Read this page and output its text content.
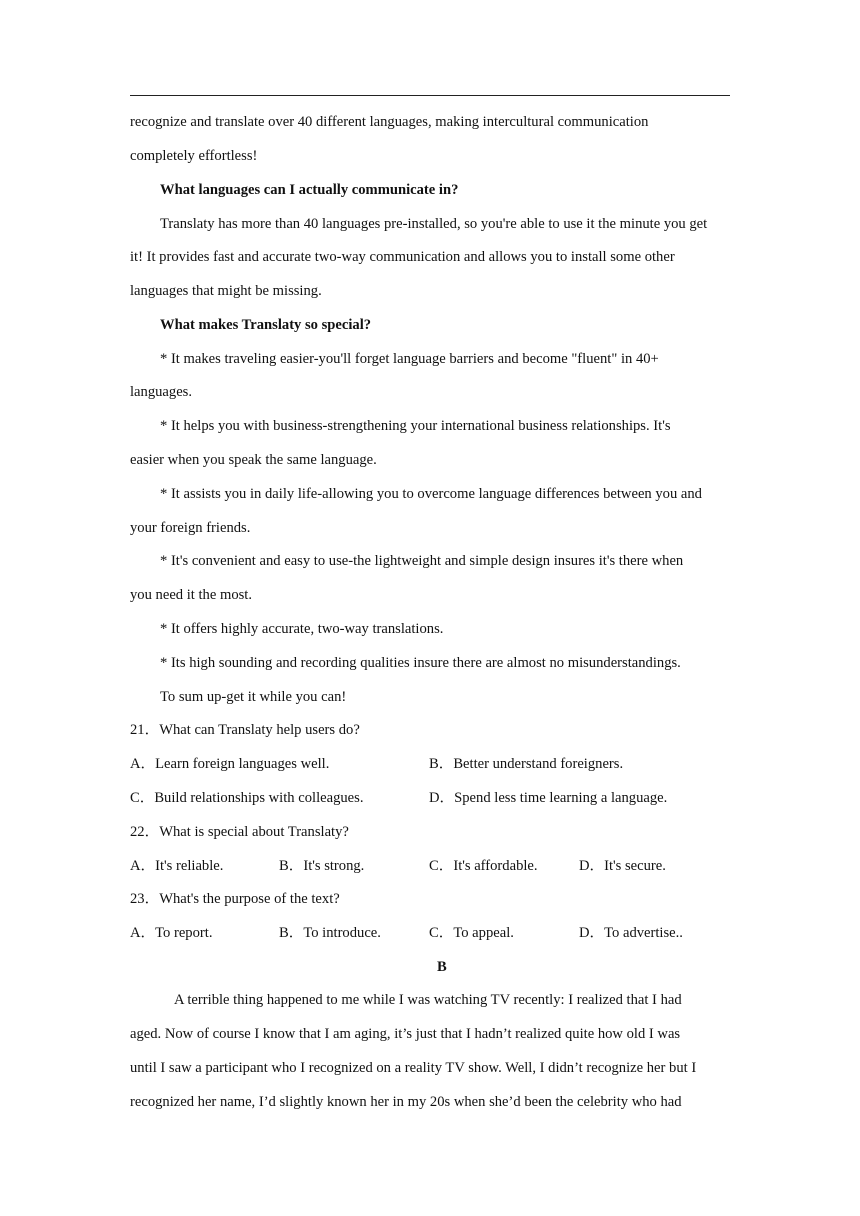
recognize and translate over 40 different languages, making intercultural communication
completely effortless!
What languages can I actually communicate in?
Translaty has more than 40 languages pre-installed, so you're able to use it the minute you get
it! It provides fast and accurate two-way communication and allows you to install some other
languages that might be missing.
What makes Translaty so special?
* It makes traveling easier-you'll forget language barriers and become "fluent" in 40+
languages.
* It helps you with business-strengthening your international business relationships. It's
easier when you speak the same language.
* It assists you in daily life-allowing you to overcome language differences between you and
your foreign friends.
* It's convenient and easy to use-the lightweight and simple design insures it's there when
you need it the most.
* It offers highly accurate, two-way translations.
* Its high sounding and recording qualities insure there are almost no misunderstandings.
To sum up-get it while you can!
21．What can Translaty help users do?
A．Learn foreign languages well.	B．Better understand foreigners.
C．Build relationships with colleagues.	D．Spend less time learning a language.
22．What is special about Translaty?
A．It's reliable.	B．It's strong.	C．It's affordable.	D．It's secure.
23．What's the purpose of the text?
A．To report.	B．To introduce.	C．To appeal.	D．To advertise..
B
A terrible thing happened to me while I was watching TV recently: I realized that I had
aged. Now of course I know that I am aging, it’s just that I hadn’t realized quite how old I was
until I saw a participant who I recognized on a reality TV show. Well, I didn’t recognize her but I
recognized her name, I’d slightly known her in my 20s when she’d been the celebrity who had
